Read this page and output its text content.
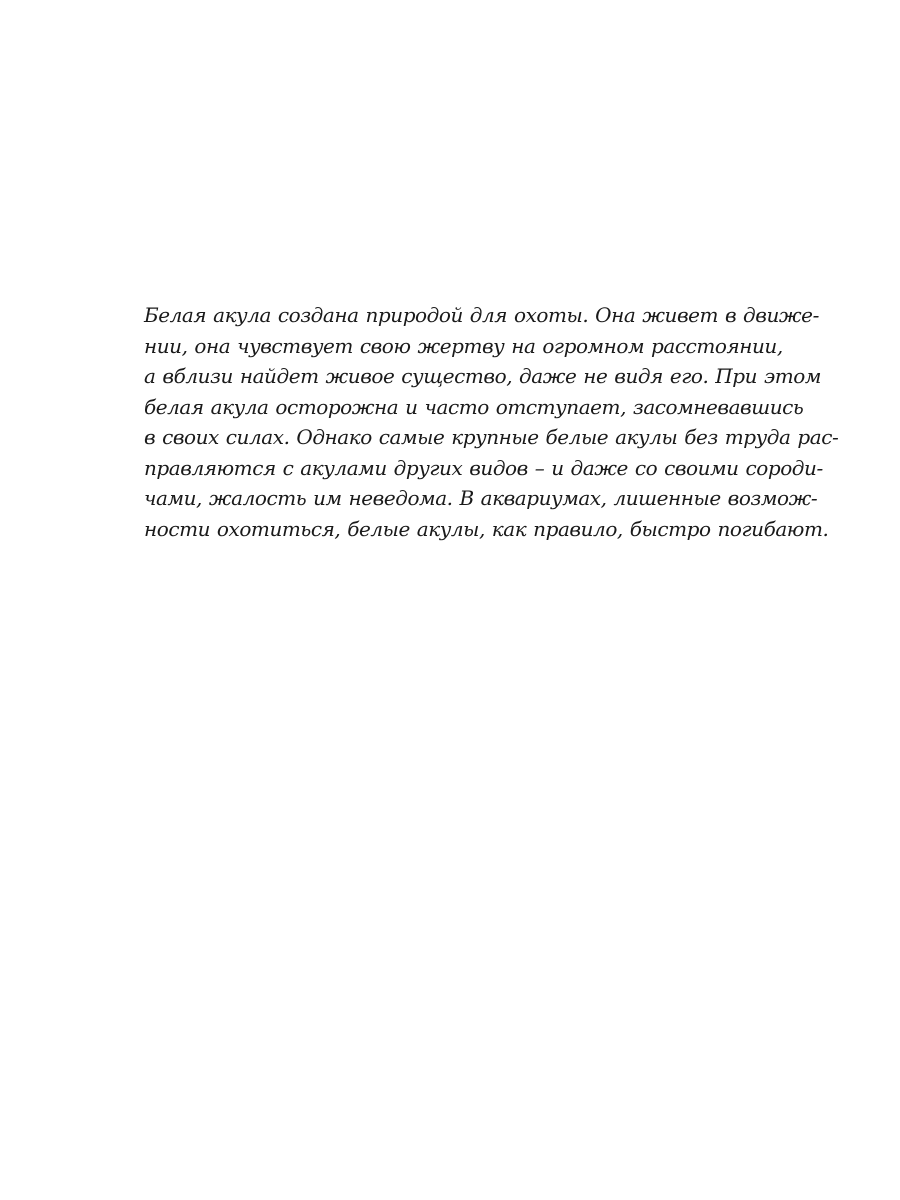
Белая акула создана природой для охоты. Она живет в движе-
нии, она чувствует свою жертву на огромном расстоянии,
а вблизи найдет живое существо, даже не видя его. При этом
белая акула осторожна и часто отступает, засомневавшись
в своих силах. Однако самые крупные белые акулы без труда рас-
правляются с акулами других видов – и даже со своими сороди-
чами, жалость им неведома. В аквариумах, лишенные возмож-
ности охотиться, белые акулы, как правило, быстро погибают.
